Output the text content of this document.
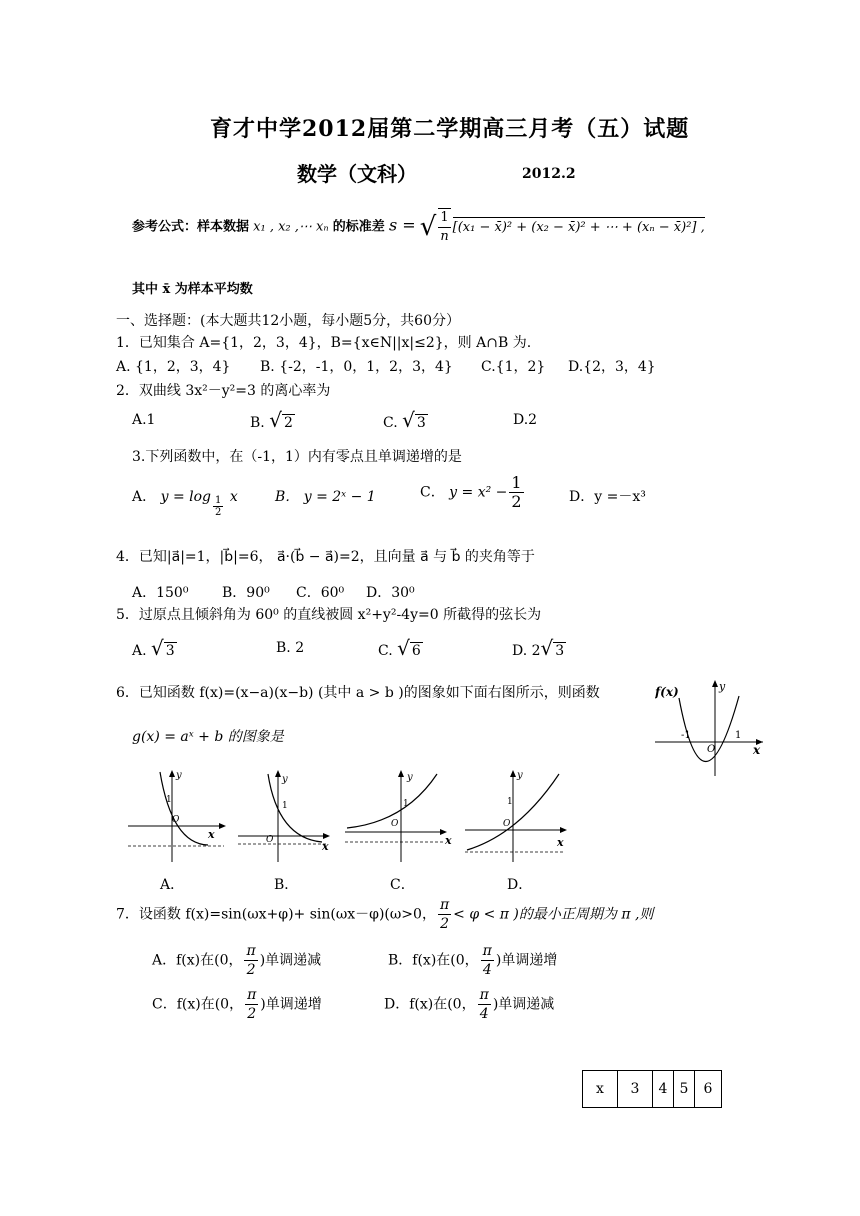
育才中学2012届第二学期高三月考（五）试题
数学（文科）	2012.2
参考公式：样本数据 x₁ , x₂ ,⋯ xₙ 的标准差 s = √ $\frac{1}{n} [(x_1$ − x̄)² + (x₂ − x̄)² + ⋯ + (xₙ − x̄)²] ,
其中 x̄ 为样本平均数
一、选择题：(本大题共12小题，每小题5分，共60分）
1．已知集合 A={1，2，3，4}，B={x∈N||x|≤2}，则 A∩B 为.
A. {1，2，3，4} B. {-2，-1，0，1，2，3，4} C.{1，2} D.{2，3，4}
2．双曲线 3x²－y²=3 的离心率为
A.1	B. √ 2	C. √ 3	D.2
3.下列函数中，在（-1，1）内有零点且单调递增的是
A． $y = \log \frac{1}{2}$ x	B． y = 2ˣ − 1	C． $y = x^2 - \frac{1}{2}$	D．y =－x³
4．已知|a⃗|=1，|b⃗|=6， a⃗·(b⃗ − a⃗)=2，且向量 a⃗ 与 b⃗ 的夹角等于
A．150⁰ B．90⁰ C．60⁰ D．30⁰
5．过原点且倾斜角为 60⁰ 的直线被圆 x²+y²-4y=0 所截得的弦长为
A. √ 3	B. 2	C. √ 6	D. 2√ 3
6．已知函数 f(x)=(x−a)(x−b) (其中 a > b )的图象如下面右图所示，则函数
g(x) = aˣ + b 的图象是
f(x)	y
x
O
-1	1
y
x
O
1
y
x
O
1
y
x
O
1
y
x
O
1
A．	B．	C．	D．
7．设函数 f(x)=sin(ωx+φ)+ sin(ωx－φ)(ω>0， $\frac{\pi}{2} < \varphi < \pi$ )的最小正周期为 π ,则
A．f(x)在(0， $\frac{\pi}{2}$ )单调递减	B．f(x)在(0， $\frac{\pi}{4}$ )单调递增
C．f(x)在(0， $\frac{\pi}{2}$ )单调递增	D．f(x)在(0， $\frac{\pi}{4}$ )单调递减
x	3	4	5	6
